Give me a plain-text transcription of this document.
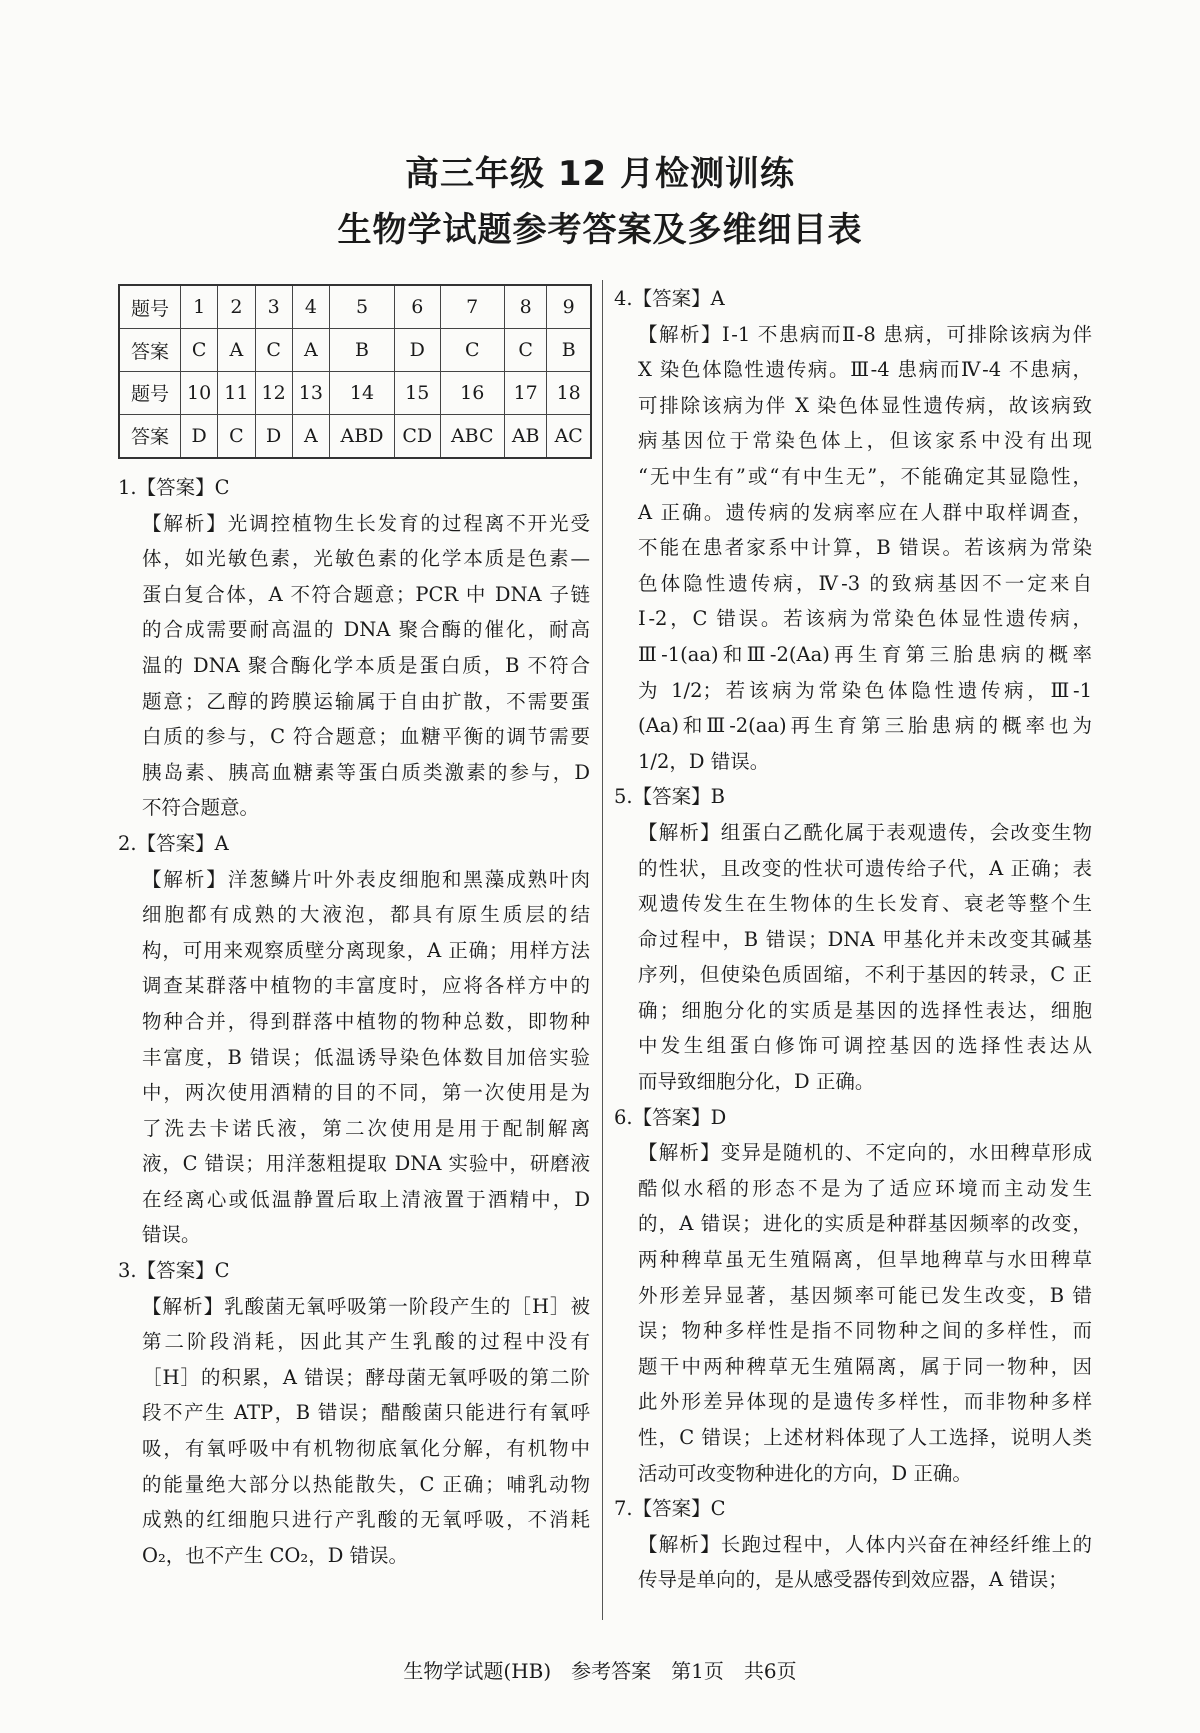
高三年级 12 月检测训练
生物学试题参考答案及多维细目表
题号	1	2	3	4	5	6	7	8	9
答案	C	A	C	A	B	D	C	C	B
题号	10	11	12	13	14	15	16	17	18
答案	D	C	D	A	ABD	CD	ABC	AB	AC
1.【答案】C
【解析】光调控植物生长发育的过程离不开光受
体，如光敏色素，光敏色素的化学本质是色素—
蛋白复合体，A 不符合题意；PCR 中 DNA 子链
的合成需要耐高温的 DNA 聚合酶的催化，耐高
温的 DNA 聚合酶化学本质是蛋白质，B 不符合
题意；乙醇的跨膜运输属于自由扩散，不需要蛋
白质的参与，C 符合题意；血糖平衡的调节需要
胰岛素、胰高血糖素等蛋白质类激素的参与，D
不符合题意。
2.【答案】A
【解析】洋葱鳞片叶外表皮细胞和黑藻成熟叶肉
细胞都有成熟的大液泡，都具有原生质层的结
构，可用来观察质壁分离现象，A 正确；用样方法
调查某群落中植物的丰富度时，应将各样方中的
物种合并，得到群落中植物的物种总数，即物种
丰富度，B 错误；低温诱导染色体数目加倍实验
中，两次使用酒精的目的不同，第一次使用是为
了洗去卡诺氏液，第二次使用是用于配制解离
液，C 错误；用洋葱粗提取 DNA 实验中，研磨液
在经离心或低温静置后取上清液置于酒精中，D
错误。
3.【答案】C
【解析】乳酸菌无氧呼吸第一阶段产生的［H］被
第二阶段消耗，因此其产生乳酸的过程中没有
［H］的积累，A 错误；酵母菌无氧呼吸的第二阶
段不产生 ATP，B 错误；醋酸菌只能进行有氧呼
吸，有氧呼吸中有机物彻底氧化分解，有机物中
的能量绝大部分以热能散失，C 正确；哺乳动物
成熟的红细胞只进行产乳酸的无氧呼吸，不消耗
O₂，也不产生 CO₂，D 错误。
4.【答案】A
【解析】Ⅰ-1 不患病而Ⅱ-8 患病，可排除该病为伴
X 染色体隐性遗传病。Ⅲ-4 患病而Ⅳ-4 不患病，
可排除该病为伴 X 染色体显性遗传病，故该病致
病基因位于常染色体上，但该家系中没有出现
“无中生有”或“有中生无”，不能确定其显隐性，
A 正确。遗传病的发病率应在人群中取样调查，
不能在患者家系中计算，B 错误。若该病为常染
色体隐性遗传病，Ⅳ-3 的致病基因不一定来自
Ⅰ-2，C 错误。若该病为常染色体显性遗传病，
Ⅲ-1(aa)和Ⅲ-2(Aa)再生育第三胎患病的概率
为 1/2；若该病为常染色体隐性遗传病，Ⅲ-1
(Aa)和Ⅲ-2(aa)再生育第三胎患病的概率也为
1/2，D 错误。
5.【答案】B
【解析】组蛋白乙酰化属于表观遗传，会改变生物
的性状，且改变的性状可遗传给子代，A 正确；表
观遗传发生在生物体的生长发育、衰老等整个生
命过程中，B 错误；DNA 甲基化并未改变其碱基
序列，但使染色质固缩，不利于基因的转录，C 正
确；细胞分化的实质是基因的选择性表达，细胞
中发生组蛋白修饰可调控基因的选择性表达从
而导致细胞分化，D 正确。
6.【答案】D
【解析】变异是随机的、不定向的，水田稗草形成
酷似水稻的形态不是为了适应环境而主动发生
的，A 错误；进化的实质是种群基因频率的改变，
两种稗草虽无生殖隔离，但旱地稗草与水田稗草
外形差异显著，基因频率可能已发生改变，B 错
误；物种多样性是指不同物种之间的多样性，而
题干中两种稗草无生殖隔离，属于同一物种，因
此外形差异体现的是遗传多样性，而非物种多样
性，C 错误；上述材料体现了人工选择，说明人类
活动可改变物种进化的方向，D 正确。
7.【答案】C
【解析】长跑过程中，人体内兴奋在神经纤维上的
传导是单向的，是从感受器传到效应器，A 错误；
生物学试题(HB)　参考答案　第1页　共6页
